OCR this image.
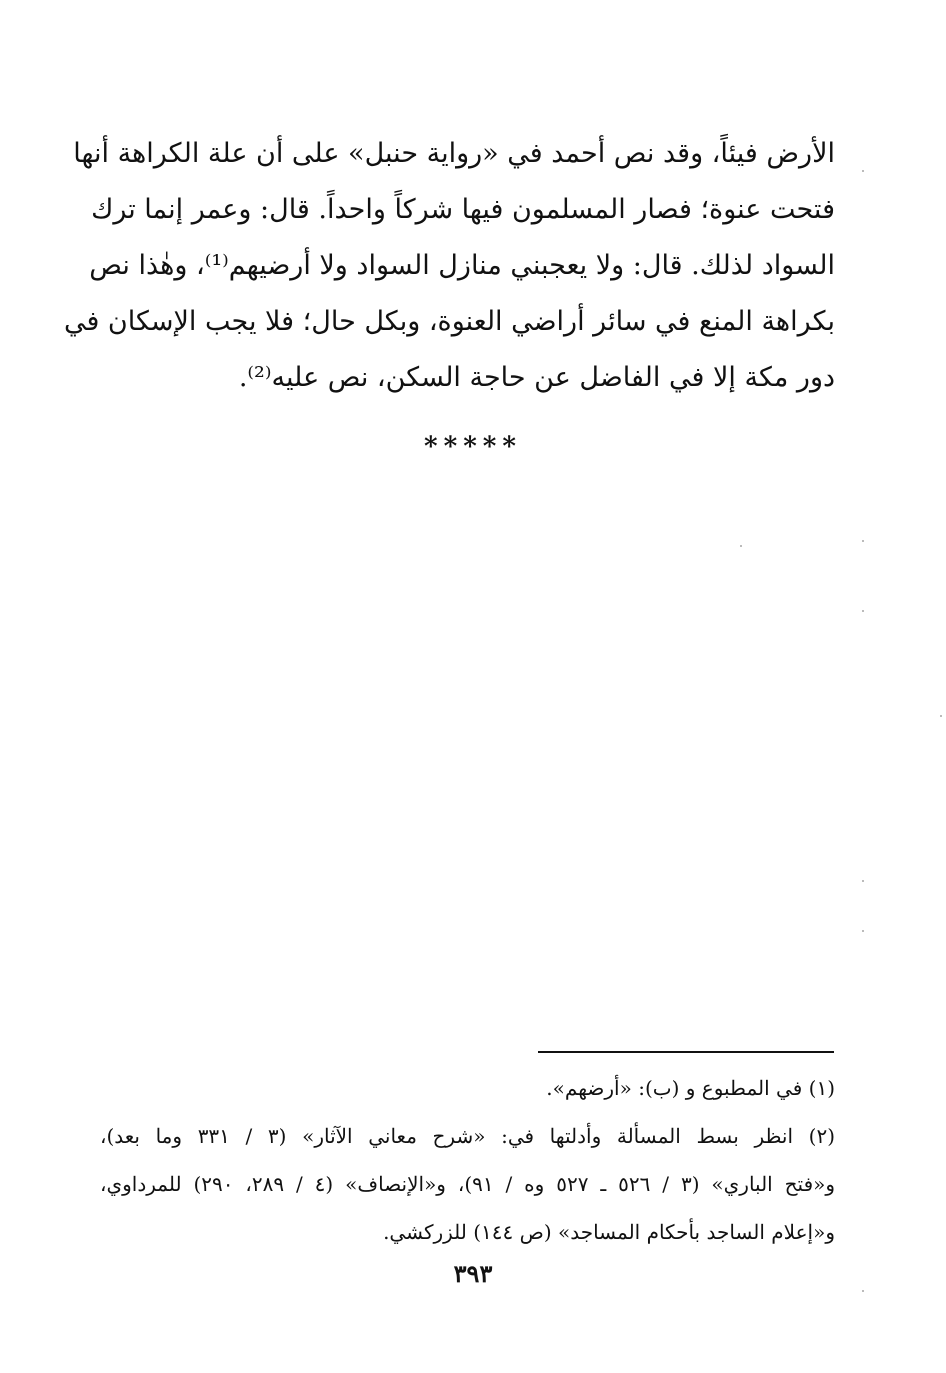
الأرض فيئاً، وقد نص أحمد في «رواية حنبل» على أن علة الكراهة أنها
فتحت عنوة؛ فصار المسلمون فيها شركاً واحداً. قال: وعمر إنما ترك
السواد لذلك. قال: ولا يعجبني منازل السواد ولا أرضيهم⁽¹⁾، وهٰذا نص
بكراهة المنع في سائر أراضي العنوة، وبكل حال؛ فلا يجب الإسكان في
دور مكة إلا في الفاضل عن حاجة السكن، نص عليه⁽²⁾.
*****
(١) في المطبوع و (ب): «أرضهم».
(٢) انظر بسط المسألة وأدلتها في: «شرح معاني الآثار» (٣ / ٣٣١ وما بعد)،
و«فتح الباري» (٣ / ٥٢٦ ـ ٥٢٧ وه / ٩١)، و«الإنصاف» (٤ / ٢٨٩، ٢٩٠) للمرداوي،
و«إعلام الساجد بأحكام المساجد» (ص ١٤٤) للزركشي.
٣٩٣
